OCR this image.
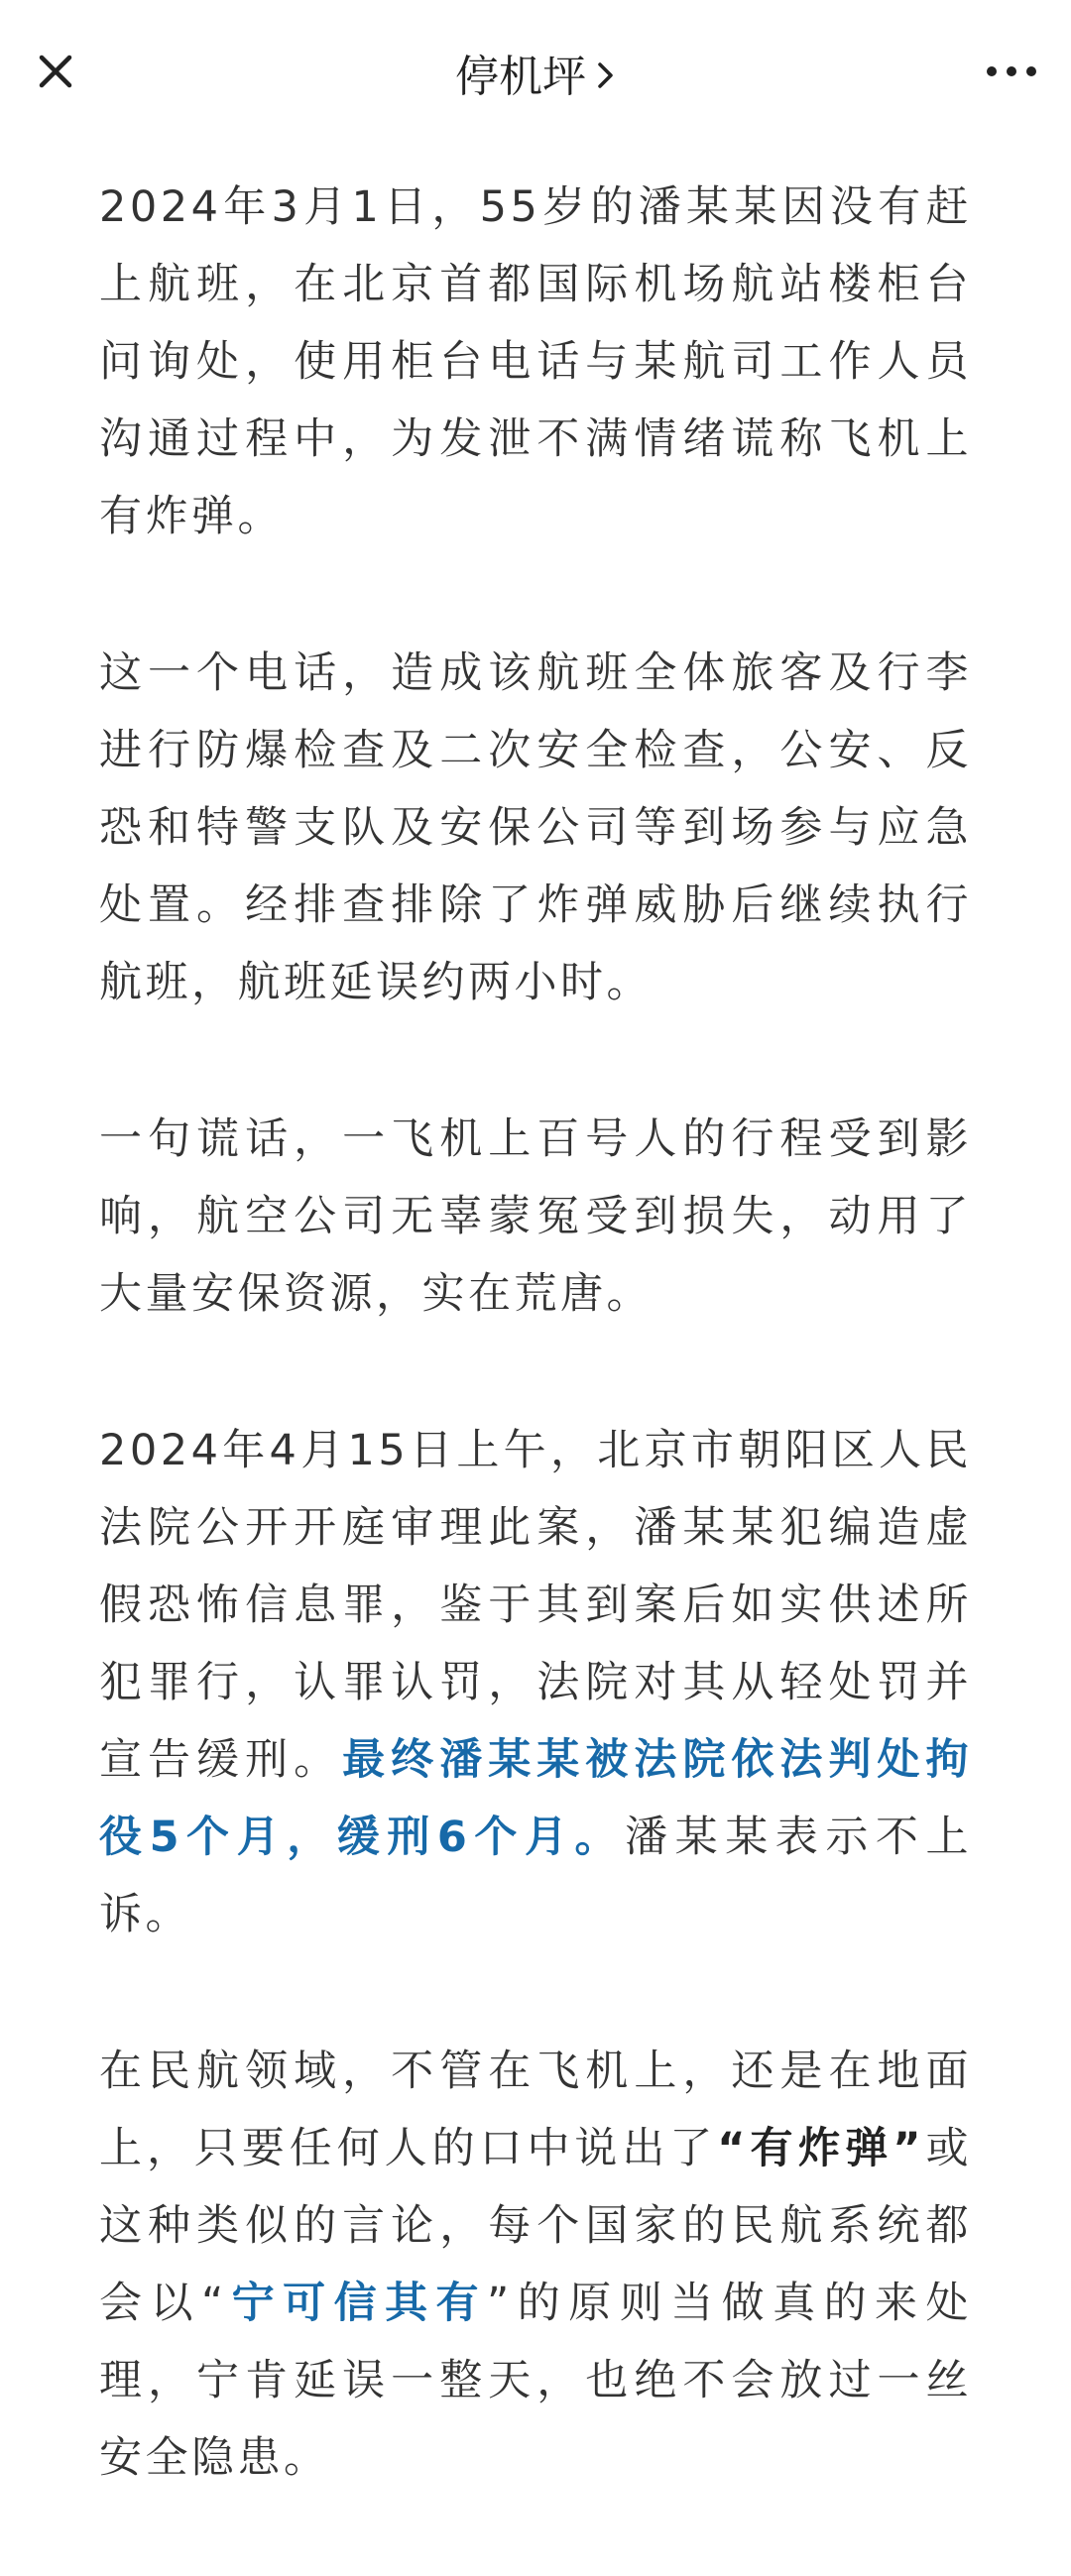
停机坪

2024年3月1日，55岁的潘某某因没有赶上航班，在北京首都国际机场航站楼柜台问询处，使用柜台电话与某航司工作人员沟通过程中，为发泄不满情绪谎称飞机上有炸弹。

这一个电话，造成该航班全体旅客及行李进行防爆检查及二次安全检查，公安、反恐和特警支队及安保公司等到场参与应急处置。经排查排除了炸弹威胁后继续执行航班，航班延误约两小时。

一句谎话，一飞机上百号人的行程受到影响，航空公司无辜蒙冤受到损失，动用了大量安保资源，实在荒唐。

2024年4月15日上午，北京市朝阳区人民法院公开开庭审理此案，潘某某犯编造虚假恐怖信息罪，鉴于其到案后如实供述所犯罪行，认罪认罚，法院对其从轻处罚并宣告缓刑。最终潘某某被法院依法判处拘役5个月，缓刑6个月。潘某某表示不上诉。

在民航领域，不管在飞机上，还是在地面上，只要任何人的口中说出了“有炸弹”或这种类似的言论，每个国家的民航系统都会以“宁可信其有”的原则当做真的来处理，宁肯延误一整天，也绝不会放过一丝安全隐患。
